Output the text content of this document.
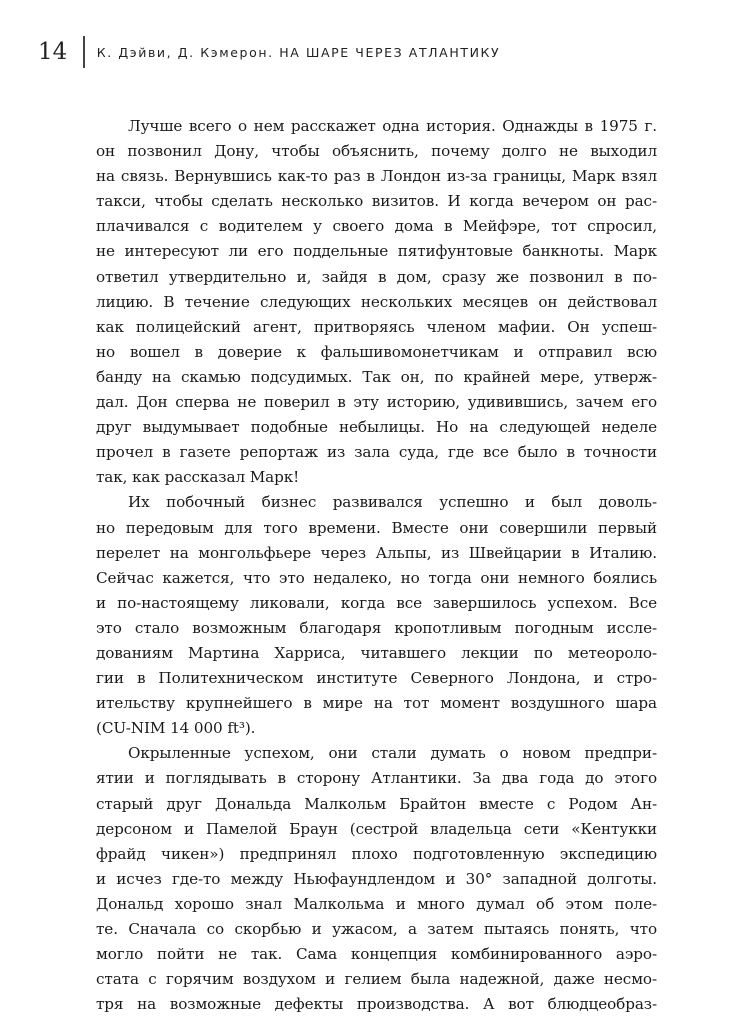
14 К. Дэйви, Д. Кэмерон. НА ШАРЕ ЧЕРЕЗ АТЛАНТИКУ
Лучше всего о нем расскажет одна история. Однажды в 1975 г.
он позвонил Дону, чтобы объяснить, почему долго не выходил
на связь. Вернувшись как-то раз в Лондон из-за границы, Марк взял
такси, чтобы сделать несколько визитов. И когда вечером он рас-
плачивался с водителем у своего дома в Мейфэре, тот спросил,
не интересуют ли его поддельные пятифунтовые банкноты. Марк
ответил утвердительно и, зайдя в дом, сразу же позвонил в по-
лицию. В течение следующих нескольких месяцев он действовал
как полицейский агент, притворяясь членом мафии. Он успеш-
но вошел в доверие к фальшивомонетчикам и отправил всю
банду на скамью подсудимых. Так он, по крайней мере, утверж-
дал. Дон сперва не поверил в эту историю, удивившись, зачем его
друг выдумывает подобные небылицы. Но на следующей неделе
прочел в газете репортаж из зала суда, где все было в точности
так, как рассказал Марк!
Их побочный бизнес развивался успешно и был доволь-
но передовым для того времени. Вместе они совершили первый
перелет на монгольфьере через Альпы, из Швейцарии в Италию.
Сейчас кажется, что это недалеко, но тогда они немного боялись
и по-настоящему ликовали, когда все завершилось успехом. Все
это стало возможным благодаря кропотливым погодным иссле-
дованиям Мартина Харриса, читавшего лекции по метеороло-
гии в Политехническом институте Северного Лондона, и стро-
ительству крупнейшего в мире на тот момент воздушного шара
(CU-NIM 14 000 ft³).
Окрыленные успехом, они стали думать о новом предпри-
ятии и поглядывать в сторону Атлантики. За два года до этого
старый друг Дональда Малкольм Брайтон вместе с Родом Ан-
дерсоном и Памелой Браун (сестрой владельца сети «Кентукки
фрайд чикен») предпринял плохо подготовленную экспедицию
и исчез где-то между Ньюфаундлендом и 30° западной долготы.
Дональд хорошо знал Малкольма и много думал об этом поле-
те. Сначала со скорбью и ужасом, а затем пытаясь понять, что
могло пойти не так. Сама концепция комбинированного аэро-
стата с горячим воздухом и гелием была надежной, даже несмо-
тря на возможные дефекты производства. А вот блюдцеобраз-
